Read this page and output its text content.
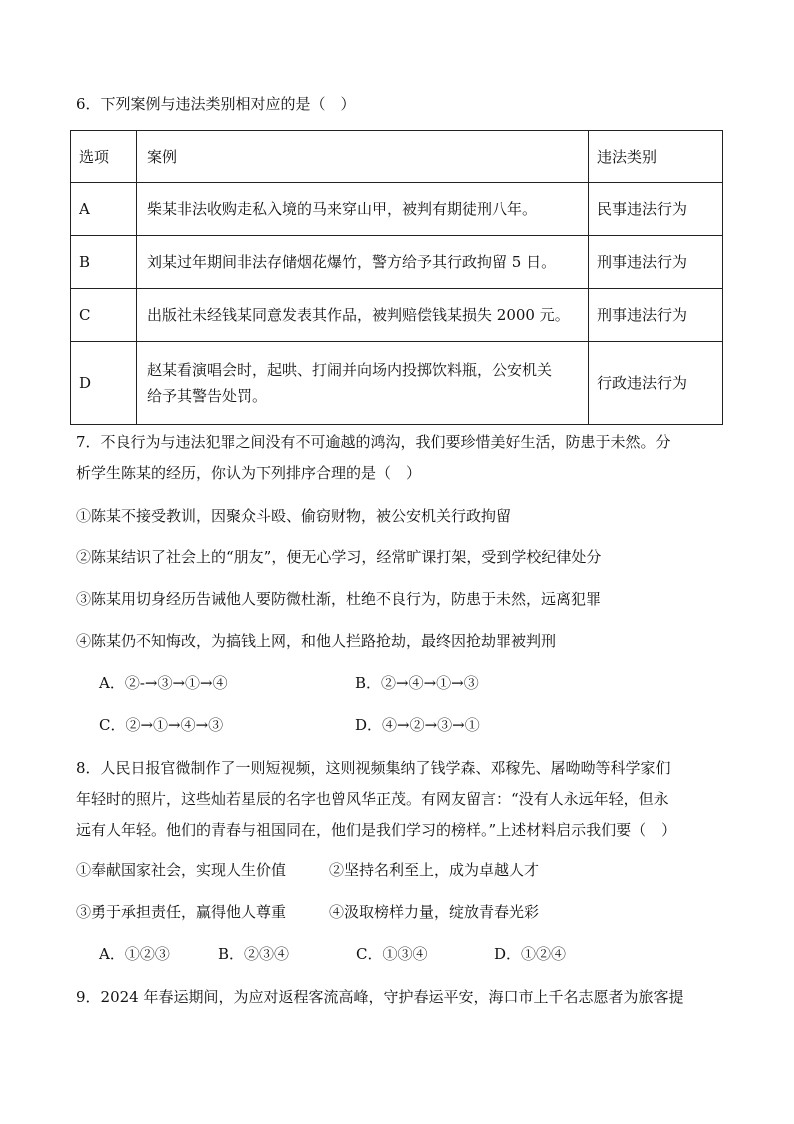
6．下列案例与违法类别相对应的是（　）
选项	案例	违法类别
A	柴某非法收购走私入境的马来穿山甲，被判有期徒刑八年。	民事违法行为
B	刘某过年期间非法存储烟花爆竹，警方给予其行政拘留 5 日。	刑事违法行为
C	出版社未经钱某同意发表其作品，被判赔偿钱某损失 2000 元。	刑事违法行为
D	赵某看演唱会时，起哄、打闹并向场内投掷饮料瓶，公安机关
给予其警告处罚。	行政违法行为
7．不良行为与违法犯罪之间没有不可逾越的鸿沟，我们要珍惜美好生活，防患于未然。分
析学生陈某的经历，你认为下列排序合理的是（　）
①陈某不接受教训，因聚众斗殴、偷窃财物，被公安机关行政拘留
②陈某结识了社会上的“朋友”，便无心学习，经常旷课打架，受到学校纪律处分
③陈某用切身经历告诫他人要防微杜渐，杜绝不良行为，防患于未然，远离犯罪
④陈某仍不知悔改，为搞钱上网，和他人拦路抢劫，最终因抢劫罪被判刑
A．②-→③→①→④	B．②→④→①→③
C．②→①→④→③	D．④→②→③→①
8．人民日报官微制作了一则短视频，这则视频集纳了钱学森、邓稼先、屠呦呦等科学家们
年轻时的照片，这些灿若星辰的名字也曾风华正茂。有网友留言：“没有人永远年轻，但永
远有人年轻。他们的青春与祖国同在，他们是我们学习的榜样。”上述材料启示我们要（　）
①奉献国家社会，实现人生价值	②坚持名利至上，成为卓越人才
③勇于承担责任，赢得他人尊重	④汲取榜样力量，绽放青春光彩
A．①②③	B．②③④	C．①③④	D．①②④
9．2024 年春运期间，为应对返程客流高峰，守护春运平安，海口市上千名志愿者为旅客提
